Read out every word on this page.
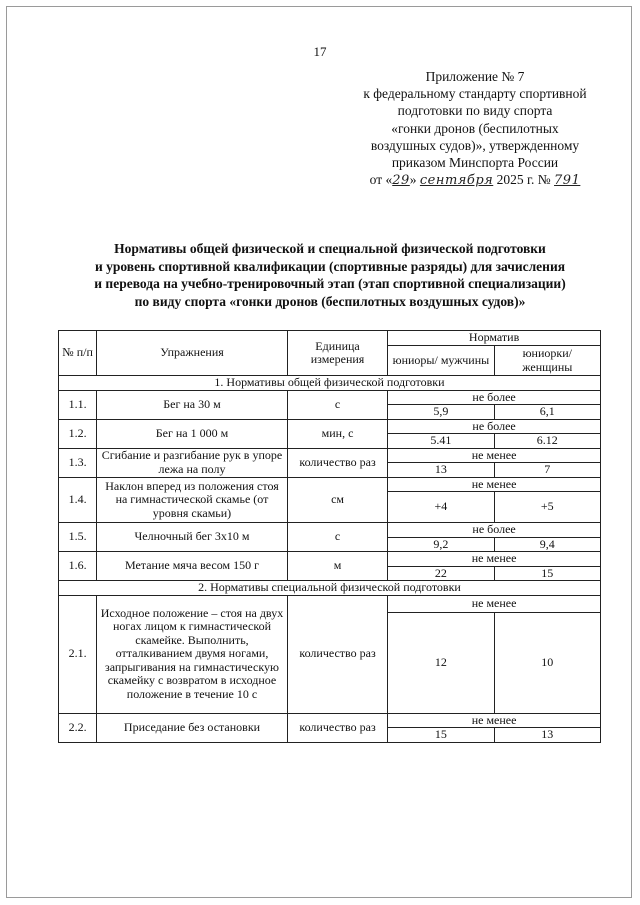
17
Приложение № 7
к федеральному стандарту спортивной
подготовки по виду спорта
«гонки дронов (беспилотных
воздушных судов)», утвержденному
приказом Минспорта России
от «29» сентября 2025 г. № 791
Нормативы общей физической и специальной физической подготовки
и уровень спортивной квалификации (спортивные разряды) для зачисления
и перевода на учебно-тренировочный этап (этап спортивной специализации)
по виду спорта «гонки дронов (беспилотных воздушных судов)»
№ п/п	Упражнения	Единица измерения	Норматив	
			юниоры/ мужчины	юниорки/ женщины
1. Нормативы общей физической подготовки				
1.1.	Бег на 30 м	с	не более	
			5,9	6,1
1.2.	Бег на 1 000 м	мин, с	не более	
			5.41	6.12
1.3.	Сгибание и разгибание рук в упоре лежа на полу	количество раз	не менее	
			13	7
1.4.	Наклон вперед из положения стоя на гимнастической скамье (от уровня скамьи)	см	не менее	
			+4	+5
1.5.	Челночный бег 3x10 м	с	не более	
			9,2	9,4
1.6.	Метание мяча весом 150 г	м	не менее	
			22	15
2. Нормативы специальной физической подготовки				
2.1.	Исходное положение – стоя на двух ногах лицом к гимнастической скамейке. Выполнить, отталкиванием двумя ногами, запрыгивания на гимнастическую скамейку с возвратом в исходное положение в течение 10 с	количество раз	не менее	
			12	10
2.2.	Приседание без остановки	количество раз	не менее	
			15	13
